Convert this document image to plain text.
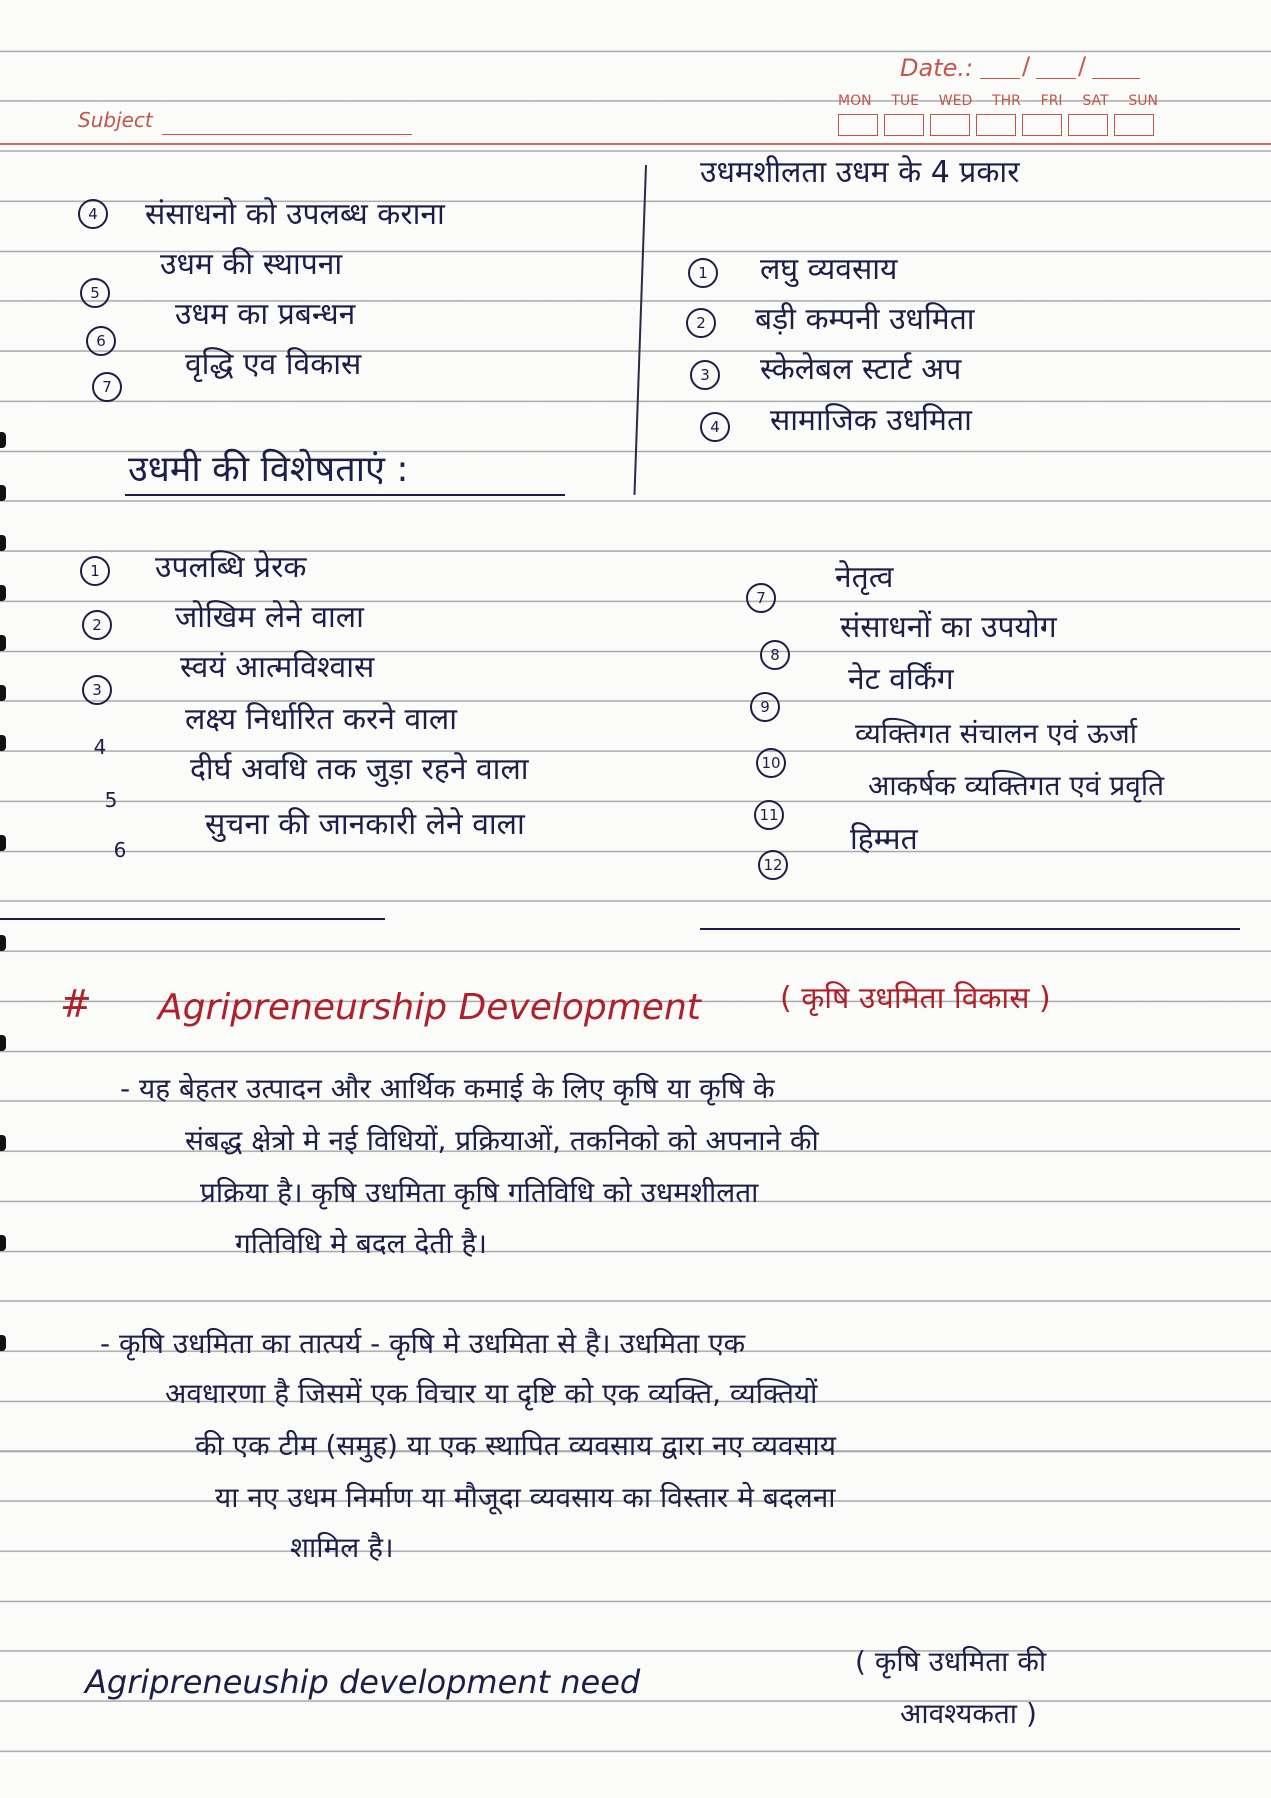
Subject
Date.: / /
MON TUE WED THR FRI SAT SUN
4	संसाधनो को उपलब्ध कराना
उधम की स्थापना
5
उधम का प्रबन्धन
6
वृद्धि एव विकास
7
उधमशीलता उधम के 4 प्रकार
1	लघु व्यवसाय
2	बड़ी कम्पनी उधमिता
3	स्केलेबल स्टार्ट अप
4	सामाजिक उधमिता
उधमी की विशेषताएं :
1	उपलब्धि प्रेरक
2	जोखिम लेने वाला
3
स्वयं आत्मविश्वास
4
लक्ष्य निर्धारित करने वाला
5
दीर्घ अवधि तक जुड़ा रहने वाला
6
सुचना की जानकारी लेने वाला
7
नेतृत्व
8
संसाधनों का उपयोग
9
नेट वर्किंग
10
व्यक्तिगत संचालन एवं ऊर्जा
11
आकर्षक व्यक्तिगत एवं प्रवृति
12
हिम्मत
# Agripreneurship Development	( कृषि उधमिता विकास )
- यह बेहतर उत्पादन और आर्थिक कमाई के लिए कृषि या कृषि के
संबद्ध क्षेत्रो मे नई विधियों, प्रक्रियाओं, तकनिको को अपनाने की
प्रक्रिया है। कृषि उधमिता कृषि गतिविधि को उधमशीलता
गतिविधि मे बदल देती है।
- कृषि उधमिता का तात्पर्य - कृषि मे उधमिता से है। उधमिता एक
अवधारणा है जिसमें एक विचार या दृष्टि को एक व्यक्ति, व्यक्तियों
की एक टीम (समुह) या एक स्थापित व्यवसाय द्वारा नए व्यवसाय
या नए उधम निर्माण या मौजूदा व्यवसाय का विस्तार मे बदलना
शामिल है।
Agripreneuship development need
( कृषि उधमिता की
आवश्यकता )
